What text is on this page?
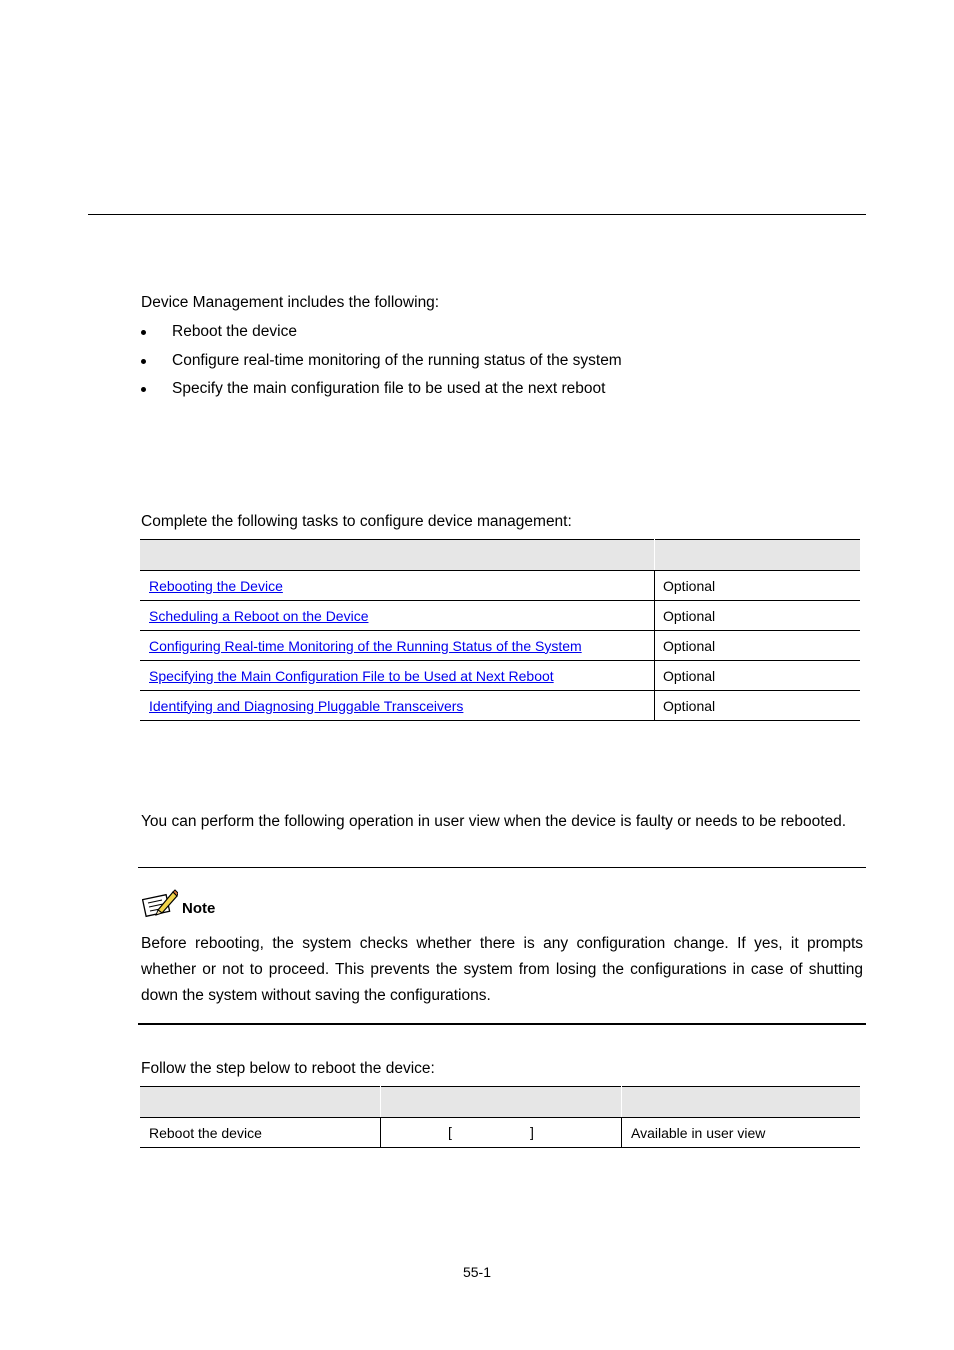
Device Management includes the following:
Reboot the device
Configure real-time monitoring of the running status of the system
Specify the main configuration file to be used at the next reboot
Complete the following tasks to configure device management:

Rebooting the Device	Optional
Scheduling a Reboot on the Device	Optional
Configuring Real-time Monitoring of the Running Status of the System	Optional
Specifying the Main Configuration File to be Used at Next Reboot	Optional
Identifying and Diagnosing Pluggable Transceivers	Optional
You can perform the following operation in user view when the device is faulty or needs to be rebooted.
Note
Before rebooting, the system checks whether there is any configuration change. If yes, it prompts whether or not to proceed. This prevents the system from losing the configurations in case of shutting down the system without saving the configurations.
Follow the step below to reboot the device:

Reboot the device	[ ]	Available in user view
55-1
